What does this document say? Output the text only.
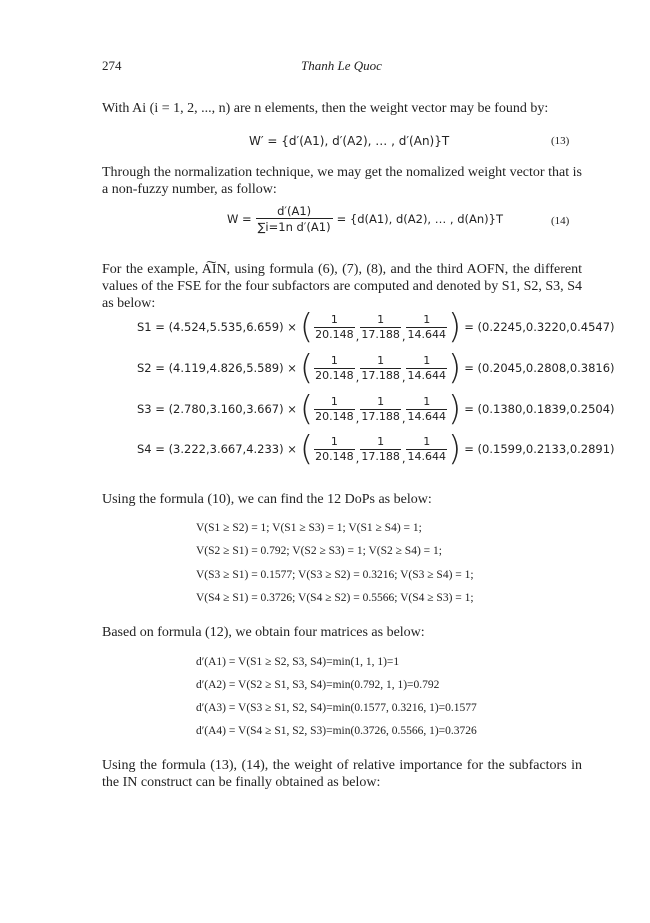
274	Thanh Le Quoc
With Ai (i = 1, 2, ..., n) are n elements, then the weight vector may be found by:
W′ = {d′(A1), d′(A2), … , d′(An)}T	(13)
Through the normalization technique, we may get the nomalized weight vector that is a non-fuzzy number, as follow:
$W = \frac{d'(A1)}{\text{∑i=1n d′(A1)}} = \{d(A1)$, d(A2), … , d(An)}T	(14)
For the example, A͠IN, using formula (6), (7), (8), and the third AOFN, the different values of the FSE for the four subfactors are computed and denoted by S1, S2, S3, S4 as below:
S1 = (4.524,5.535,6.659) × ( $\frac{1}{20.148}$ , $\frac{1}{17.188}$ , $\frac{1}{14.644}$ ) = (0.2245,0.3220,0.4547)
S2 = (4.119,4.826,5.589) × ( $\frac{1}{20.148}$ , $\frac{1}{17.188}$ , $\frac{1}{14.644}$ ) = (0.2045,0.2808,0.3816)
S3 = (2.780,3.160,3.667) × ( $\frac{1}{20.148}$ , $\frac{1}{17.188}$ , $\frac{1}{14.644}$ ) = (0.1380,0.1839,0.2504)
S4 = (3.222,3.667,4.233) × ( $\frac{1}{20.148}$ , $\frac{1}{17.188}$ , $\frac{1}{14.644}$ ) = (0.1599,0.2133,0.2891)
Using the formula (10), we can find the 12 DoPs as below:
V(S1 ≥ S2) = 1; V(S1 ≥ S3) = 1; V(S1 ≥ S4) = 1;
V(S2 ≥ S1) = 0.792; V(S2 ≥ S3) = 1; V(S2 ≥ S4) = 1;
V(S3 ≥ S1) = 0.1577; V(S3 ≥ S2) = 0.3216; V(S3 ≥ S4) = 1;
V(S4 ≥ S1) = 0.3726; V(S4 ≥ S2) = 0.5566; V(S4 ≥ S3) = 1;
Based on formula (12), we obtain four matrices as below:
d′(A1) = V(S1 ≥ S2, S3, S4)=min(1, 1, 1)=1
d′(A2) = V(S2 ≥ S1, S3, S4)=min(0.792, 1, 1)=0.792
d′(A3) = V(S3 ≥ S1, S2, S4)=min(0.1577, 0.3216, 1)=0.1577
d′(A4) = V(S4 ≥ S1, S2, S3)=min(0.3726, 0.5566, 1)=0.3726
Using the formula (13), (14), the weight of relative importance for the subfactors in the IN construct can be finally obtained as below:
